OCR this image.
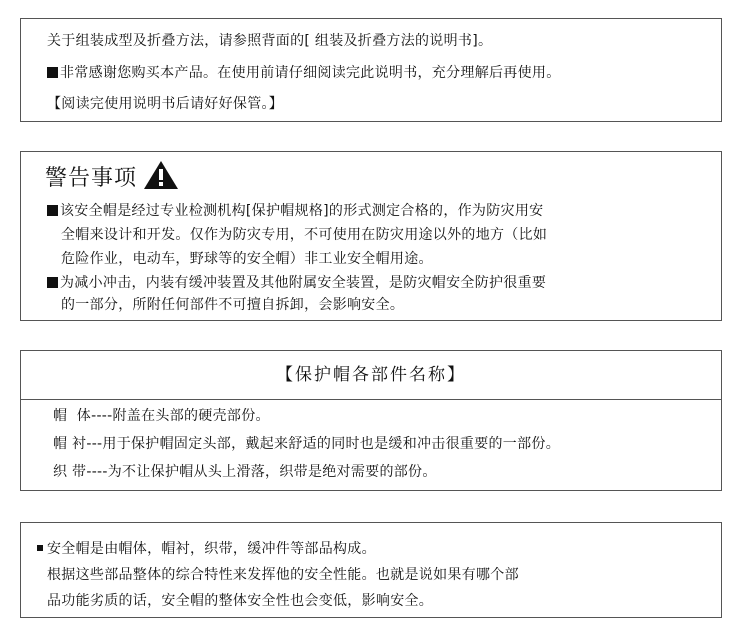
关于组装成型及折叠方法，请参照背面的[ 组装及折叠方法的说明书]。
非常感谢您购买本产品。在使用前请仔细阅读完此说明书，充分理解后再使用。
【阅读完使用说明书后请好好保管。】
警告事项
该安全帽是经过专业检测机构[保护帽规格]的形式测定合格的，作为防灾用安
全帽来设计和开发。仅作为防灾专用，不可使用在防灾用途以外的地方（比如
危险作业，电动车，野球等的安全帽）非工业安全帽用途。
为减小冲击，内装有缓冲装置及其他附属安全装置，是防灾帽安全防护很重要
的一部分，所附任何部件不可擅自拆卸，会影响安全。
【保护帽各部件名称】
帽  体----附盖在头部的硬壳部份。
帽 衬---用于保护帽固定头部，戴起来舒适的同时也是缓和冲击很重要的一部份。
织 带----为不让保护帽从头上滑落，织带是绝对需要的部份。
安全帽是由帽体，帽衬，织带，缓冲件等部品构成。
根据这些部品整体的综合特性来发挥他的安全性能。也就是说如果有哪个部
品功能劣质的话，安全帽的整体安全性也会变低，影响安全。
